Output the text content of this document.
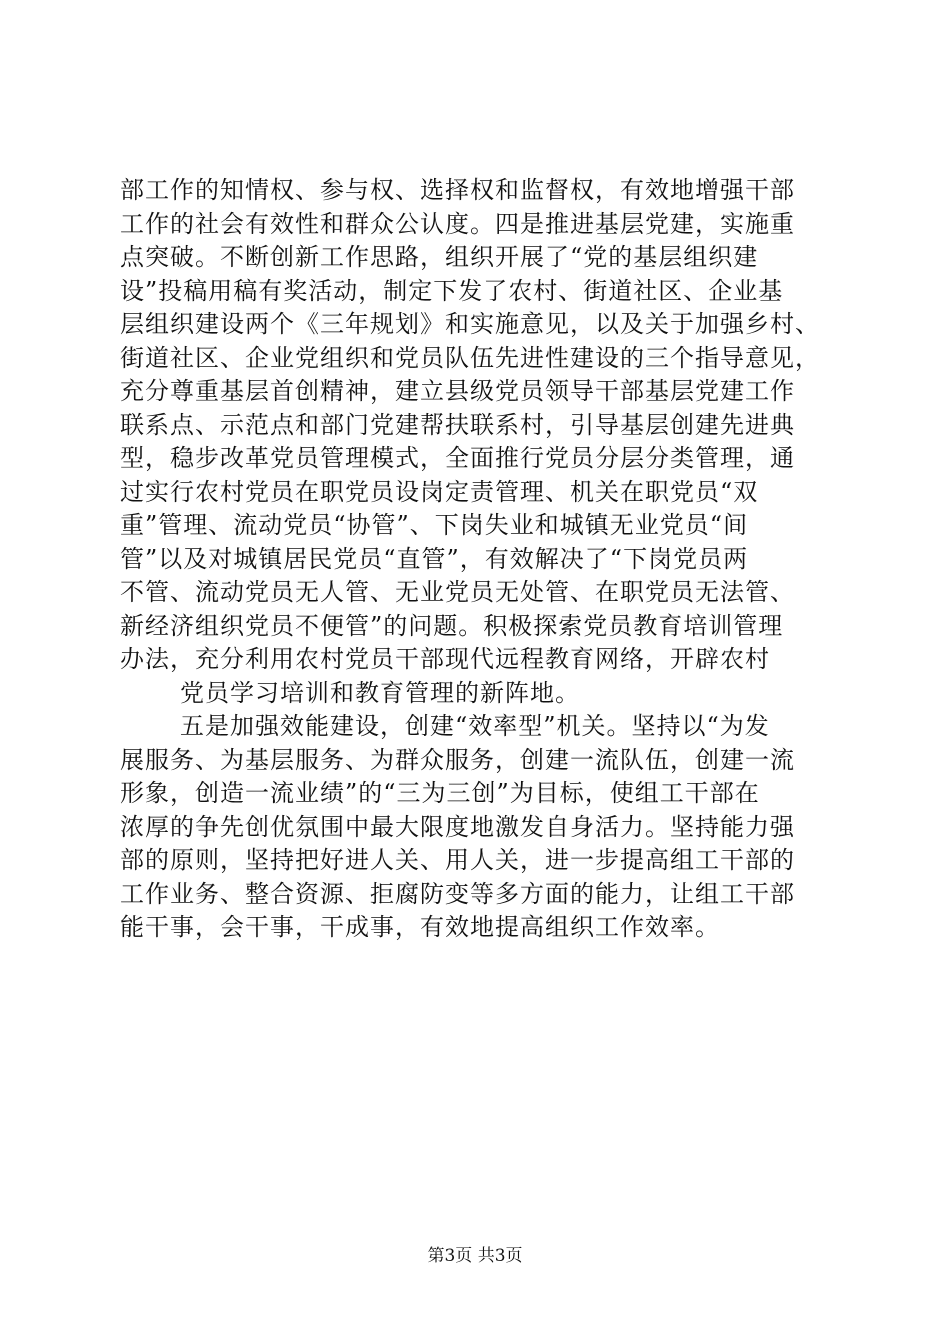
部工作的知情权、参与权、选择权和监督权，有效地增强干部
工作的社会有效性和群众公认度。四是推进基层党建，实施重
点突破。不断创新工作思路，组织开展了“党的基层组织建
设”投稿用稿有奖活动，制定下发了农村、街道社区、企业基
层组织建设两个《三年规划》和实施意见，以及关于加强乡村、
街道社区、企业党组织和党员队伍先进性建设的三个指导意见，
充分尊重基层首创精神，建立县级党员领导干部基层党建工作
联系点、示范点和部门党建帮扶联系村，引导基层创建先进典
型，稳步改革党员管理模式，全面推行党员分层分类管理，通
过实行农村党员在职党员设岗定责管理、机关在职党员“双
重”管理、流动党员“协管”、下岗失业和城镇无业党员“间
管”以及对城镇居民党员“直管”，有效解决了“下岗党员两
不管、流动党员无人管、无业党员无处管、在职党员无法管、
新经济组织党员不便管”的问题。积极探索党员教育培训管理
办法，充分利用农村党员干部现代远程教育网络，开辟农村
党员学习培训和教育管理的新阵地。
五是加强效能建设，创建“效率型”机关。坚持以“为发
展服务、为基层服务、为群众服务，创建一流队伍，创建一流
形象，创造一流业绩”的“三为三创”为目标，使组工干部在
浓厚的争先创优氛围中最大限度地激发自身活力。坚持能力强
部的原则，坚持把好进人关、用人关，进一步提高组工干部的
工作业务、整合资源、拒腐防变等多方面的能力，让组工干部
能干事，会干事，干成事，有效地提高组织工作效率。
第3页 共3页
